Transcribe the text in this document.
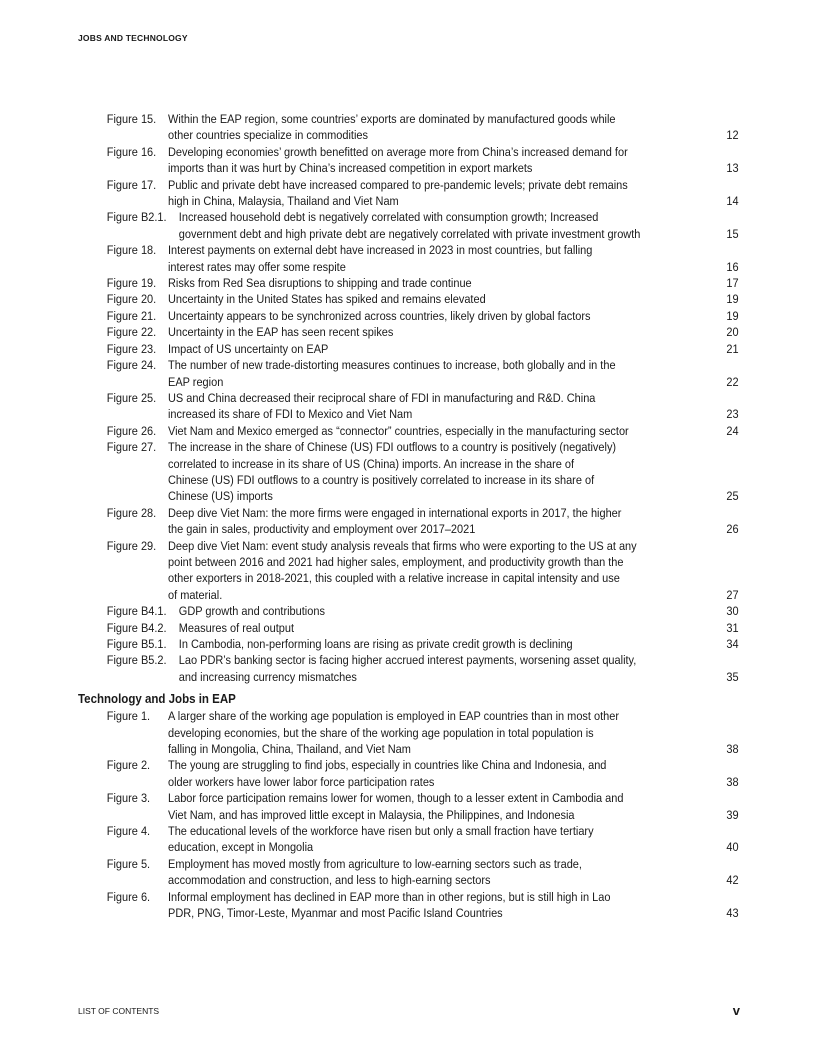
JOBS AND TECHNOLOGY
Figure 15. Within the EAP region, some countries’ exports are dominated by manufactured goods while
other countries specialize in commodities	12
Figure 16. Developing economies’ growth benefitted on average more from China’s increased demand for
imports than it was hurt by China’s increased competition in export markets	13
Figure 17. Public and private debt have increased compared to pre-pandemic levels; private debt remains
high in China, Malaysia, Thailand and Viet Nam	14
Figure B2.1. Increased household debt is negatively correlated with consumption growth; Increased
government debt and high private debt are negatively correlated with private investment growth	15
Figure 18. Interest payments on external debt have increased in 2023 in most countries, but falling
interest rates may offer some respite	16
Figure 19. Risks from Red Sea disruptions to shipping and trade continue	17
Figure 20. Uncertainty in the United States has spiked and remains elevated	19
Figure 21. Uncertainty appears to be synchronized across countries, likely driven by global factors	19
Figure 22. Uncertainty in the EAP has seen recent spikes	20
Figure 23. Impact of US uncertainty on EAP	21
Figure 24. The number of new trade-distorting measures continues to increase, both globally and in the
EAP region	22
Figure 25. US and China decreased their reciprocal share of FDI in manufacturing and R&D. China
increased its share of FDI to Mexico and Viet Nam	23
Figure 26. Viet Nam and Mexico emerged as “connector” countries, especially in the manufacturing sector	24
Figure 27. The increase in the share of Chinese (US) FDI outflows to a country is positively (negatively)
correlated to increase in its share of US (China) imports. An increase in the share of
Chinese (US) FDI outflows to a country is positively correlated to increase in its share of
Chinese (US) imports	25
Figure 28. Deep dive Viet Nam: the more firms were engaged in international exports in 2017, the higher
the gain in sales, productivity and employment over 2017–2021	26
Figure 29. Deep dive Viet Nam: event study analysis reveals that firms who were exporting to the US at any
point between 2016 and 2021 had higher sales, employment, and productivity growth than the
other exporters in 2018-2021, this coupled with a relative increase in capital intensity and use
of material.	27
Figure B4.1. GDP growth and contributions	30
Figure B4.2. Measures of real output	31
Figure B5.1. In Cambodia, non-performing loans are rising as private credit growth is declining	34
Figure B5.2. Lao PDR’s banking sector is facing higher accrued interest payments, worsening asset quality,
and increasing currency mismatches	35
Technology and Jobs in EAP
Figure 1. A larger share of the working age population is employed in EAP countries than in most other
developing economies, but the share of the working age population in total population is
falling in Mongolia, China, Thailand, and Viet Nam	38
Figure 2. The young are struggling to find jobs, especially in countries like China and Indonesia, and
older workers have lower labor force participation rates	38
Figure 3. Labor force participation remains lower for women, though to a lesser extent in Cambodia and
Viet Nam, and has improved little except in Malaysia, the Philippines, and Indonesia	39
Figure 4. The educational levels of the workforce have risen but only a small fraction have tertiary
education, except in Mongolia	40
Figure 5. Employment has moved mostly from agriculture to low-earning sectors such as trade,
accommodation and construction, and less to high-earning sectors	42
Figure 6. Informal employment has declined in EAP more than in other regions, but is still high in Lao
PDR, PNG, Timor-Leste, Myanmar and most Pacific Island Countries	43
LIST OF CONTENTS	v
